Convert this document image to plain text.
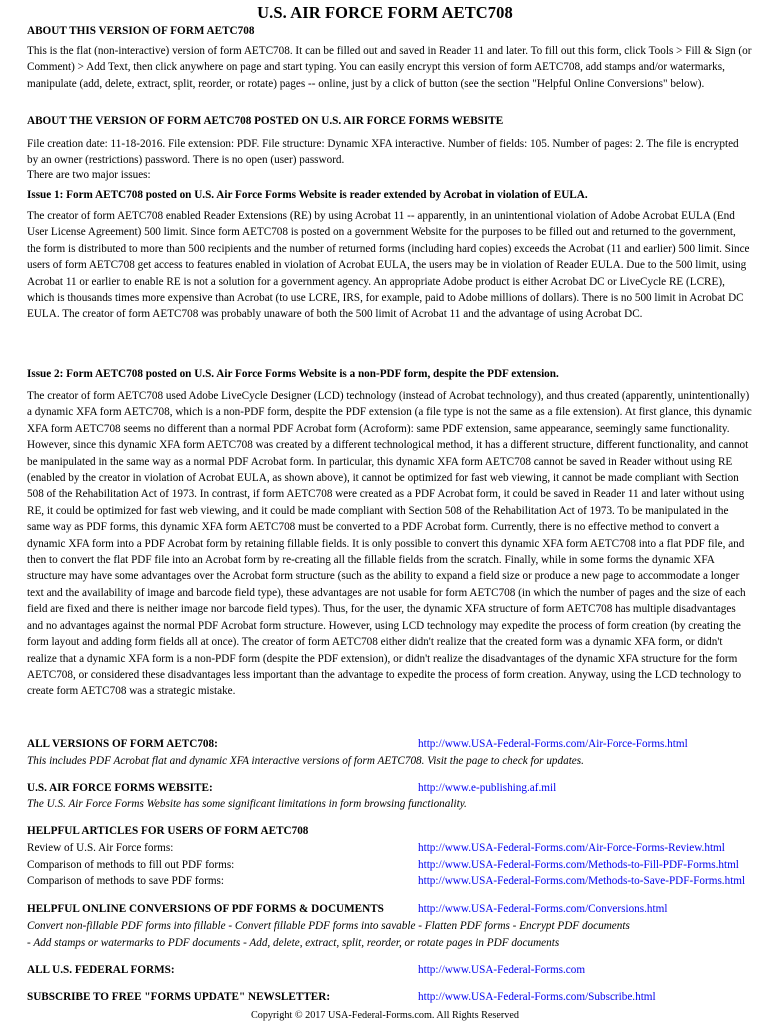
U.S. AIR FORCE FORM AETC708
ABOUT THIS VERSION OF FORM AETC708

This is the flat (non-interactive) version of form AETC708. It can be filled out and saved in Reader 11 and later. To fill out this form, click Tools > Fill & Sign (or Comment) > Add Text, then click anywhere on page and start typing. You can easily encrypt this version of form AETC708, add stamps and/or watermarks, manipulate (add, delete, extract, split, reorder, or rotate) pages -- online, just by a click of button (see the section "Helpful Online Conversions" below).

ABOUT THE VERSION OF FORM AETC708 POSTED ON U.S. AIR FORCE FORMS WEBSITE

File creation date: 11-18-2016. File extension: PDF. File structure: Dynamic XFA interactive. Number of fields: 105. Number of pages: 2. The file is encrypted by an owner (restrictions) password. There is no open (user) password.

There are two major issues:
Issue 1: Form AETC708 posted on U.S. Air Force Forms Website is reader extended by Acrobat in violation of EULA.

The creator of form AETC708 enabled Reader Extensions (RE) by using Acrobat 11 -- apparently, in an unintentional violation of Adobe Acrobat EULA (End User License Agreement) 500 limit. Since form AETC708 is posted on a government Website for the purposes to be filled out and returned to the government, the form is distributed to more than 500 recipients and the number of returned forms (including hard copies) exceeds the Acrobat (11 and earlier) 500 limit. Since users of form AETC708 get access to features enabled in violation of Acrobat EULA, the users may be in violation of Reader EULA. Due to the 500 limit, using Acrobat 11 or earlier to enable RE is not a solution for a government agency. An appropriate Adobe product is either Acrobat DC or LiveCycle RE (LCRE), which is thousands times more expensive than Acrobat (to use LCRE, IRS, for example, paid to Adobe millions of dollars). There is no 500 limit in Acrobat DC EULA. The creator of form AETC708 was probably unaware of both the 500 limit of Acrobat 11 and the advantage of using Acrobat DC.

Issue 2: Form AETC708 posted on U.S. Air Force Forms Website is a non-PDF form, despite the PDF extension.

The creator of form AETC708 used Adobe LiveCycle Designer (LCD) technology (instead of Acrobat technology), and thus created (apparently, unintentionally) a dynamic XFA form AETC708, which is a non-PDF form, despite the PDF extension (a file type is not the same as a file extension). At first glance, this dynamic XFA form AETC708 seems no different than a normal PDF Acrobat form (Acroform): same PDF extension, same appearance, seemingly same functionality. However, since this dynamic XFA form AETC708 was created by a different technological method, it has a different structure, different functionality, and cannot be manipulated in the same way as a normal PDF Acrobat form. In particular, this dynamic XFA form AETC708 cannot be saved in Reader without using RE (enabled by the creator in violation of Acrobat EULA, as shown above), it cannot be optimized for fast web viewing, it cannot be made compliant with Section 508 of the Rehabilitation Act of 1973. In contrast, if form AETC708 were created as a PDF Acrobat form, it could be saved in Reader 11 and later without using RE, it could be optimized for fast web viewing, and it could be made compliant with Section 508 of the Rehabilitation Act of 1973. To be manipulated in the same way as PDF forms, this dynamic XFA form AETC708 must be converted to a PDF Acrobat form. Currently, there is no effective method to convert a dynamic XFA form into a PDF Acrobat form by retaining fillable fields. It is only possible to convert this dynamic XFA form AETC708 into a flat PDF file, and then to convert the flat PDF file into an Acrobat form by re-creating all the fillable fields from the scratch. Finally, while in some forms the dynamic XFA structure may have some advantages over the Acrobat form structure (such as the ability to expand a field size or produce a new page to accommodate a longer text and the availability of image and barcode field type), these advantages are not usable for form AETC708 (in which the number of pages and the size of each field are fixed and there is neither image nor barcode field types). Thus, for the user, the dynamic XFA structure of form AETC708 has multiple disadvantages and no advantages against the normal PDF Acrobat form structure. However, using LCD technology may expedite the process of form creation (by creating the form layout and adding form fields all at once). The creator of form AETC708 either didn't realize that the created form was a dynamic XFA form, or didn't realize that a dynamic XFA form is a non-PDF form (despite the PDF extension), or didn't realize the disadvantages of the dynamic XFA structure for the form AETC708, or considered these disadvantages less important than the advantage to expedite the process of form creation. Anyway, using the LCD technology to create form AETC708 was a strategic mistake.

ALL VERSIONS OF FORM AETC708:	http://www.USA-Federal-Forms.com/Air-Force-Forms.html
This includes PDF Acrobat flat and dynamic XFA interactive versions of form AETC708. Visit the page to check for updates.
U.S. AIR FORCE FORMS WEBSITE:	http://www.e-publishing.af.mil
The U.S. Air Force Forms Website has some significant limitations in form browsing functionality.
HELPFUL ARTICLES FOR USERS OF FORM AETC708
Review of U.S. Air Force forms:	http://www.USA-Federal-Forms.com/Air-Force-Forms-Review.html
Comparison of methods to fill out PDF forms:	http://www.USA-Federal-Forms.com/Methods-to-Fill-PDF-Forms.html
Comparison of methods to save PDF forms:	http://www.USA-Federal-Forms.com/Methods-to-Save-PDF-Forms.html
HELPFUL ONLINE CONVERSIONS OF PDF FORMS & DOCUMENTS	http://www.USA-Federal-Forms.com/Conversions.html
Convert non-fillable PDF forms into fillable - Convert fillable PDF forms into savable - Flatten PDF forms - Encrypt PDF documents
- Add stamps or watermarks to PDF documents - Add, delete, extract, split, reorder, or rotate pages in PDF documents
ALL U.S. FEDERAL FORMS:	http://www.USA-Federal-Forms.com
SUBSCRIBE TO FREE "FORMS UPDATE" NEWSLETTER:	http://www.USA-Federal-Forms.com/Subscribe.html
Copyright © 2017 USA-Federal-Forms.com. All Rights Reserved
